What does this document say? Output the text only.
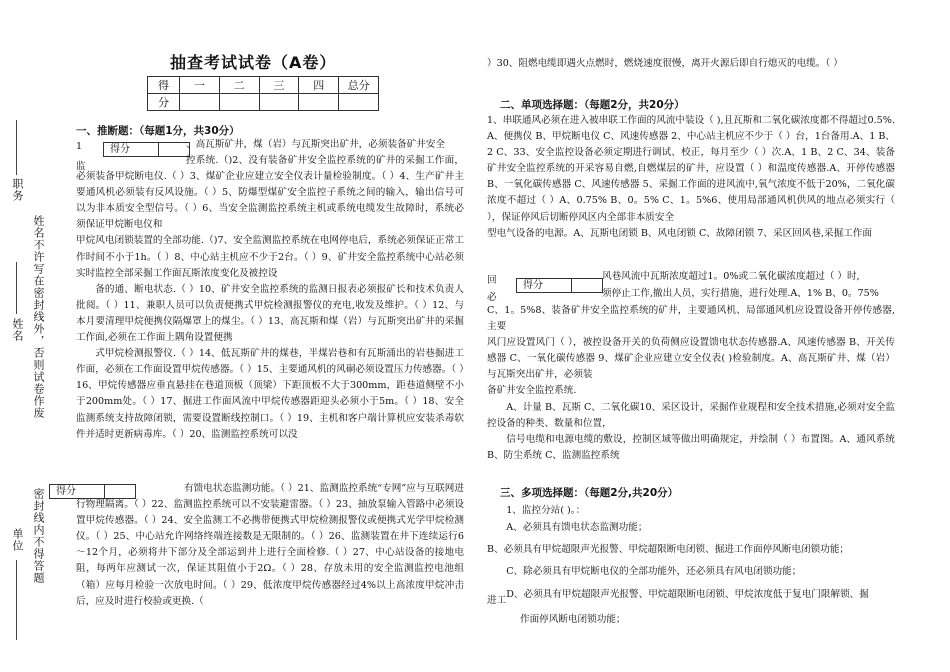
职务
姓名 姓名不许写在密封线外，否则试卷作废
单位 密封线内不得答题
抽查考试试卷（A卷）
得	一	二	三	四	总分
分					
一、推断题：（每题1分，共30分）
1	得分	、高瓦斯矿井，煤（岩）与瓦斯突出矿井，必须装备矿井安全
监

控系统.（)2、没有装备矿井安全监控系统的矿井的采掘工作面，必须装备甲烷断电仪.（ ）3、煤矿企业应建立安全仪表计量检验制度。（ ）4、生产矿井主要通风机必须装有反风设施。（ ）5、防爆型煤矿安全监控子系统之间的输入，输出信号可以为非本质安全型信号。（ ）6、当安全监测监控系统主机或系统电缆发生故障时，系统必须保证甲烷断电仪和

甲烷风电闭锁装置的全部功能.（)7、安全监测监控系统在电网停电后，系统必须保证正常工作时间不小于1h。（ ）8、中心站主机应不少于2台。（ ）9、矿井安全监控系统中心站必须实时监控全部采掘工作面瓦斯浓度变化及被控设

备的通、断电状态.（ ）10、矿井安全监控系统的监测日报表必须报矿长和技术负责人批阅。（ ）11、兼职人员可以负责便携式甲烷检测报警仪的充电,收发及维护。（ ）12、与本月要清理甲烷便携仪隔爆罩上的煤尘。（ ）13、高瓦斯和煤（岩）与瓦斯突出矿井的采掘工作面,必须在工作面上隅角设置便携

式甲烷检测报警仪.（ ）14、低瓦斯矿井的煤巷，半煤岩巷和有瓦斯涌出的岩巷掘进工作面，必须在工作面设置甲烷传感器。（ ）15、主要通风机的风硐必须设置压力传感器。（ ）16、甲烷传感器应垂直悬挂在巷道顶板（顶梁）下距顶板不大于300mm，距巷道侧壁不小于200mm处。（ ）17、掘进工作面风流中甲烷传感器距迎头必须小于5m。（ ）18、安全监测系统支持故障闭锁，需要设置断线控制口。（ ）19、主机和客户端计算机应安装杀毒软件并适时更新病毒库。（ ）20、监测监控系统可以没

得分	有馈电状态监测功能。（ ）21、监测监控系统“专网”应与互联网进行物理隔离。（ ）22、监测监控系统可以不安装避雷器。（ ）23、抽放泵输入管路中必须设置甲烷传感器。（ ）24、安全监测工不必携带便携式甲烷检测报警仪或便携式光学甲烷检测仪。（ ）25、中心站允许网络终端连接数是无限制的。（ ）26、监测装置在井下连续运行6～12个月，必须将井下部分及全部运到井上进行全面检修.（ ）27、中心站设备的接地电阻，每两年应测试一次，保证其阻值小于2Ω。（ ）28、存放未用的安全监测监控电池组（箱）应每月检验一次放电时间。（ ）29、低浓度甲烷传感器经过4%以上高浓度甲烷冲击后，应及时进行校验或更换.（

）30、阻燃电缆即遇火点燃时，燃烧速度很慢，离开火源后即自行熄灭的电缆。（ ）

二、单项选择题：（每题2分，共20分）

1、串联通风必须在进入被串联工作面的风流中装设（ ),且瓦斯和二氧化碳浓度都不得超过0.5%.

A、便携仪 B、甲烷断电仪 C、风速传感器 2、中心站主机应不少于（ ）台，1台备用.A、1 B、2 C、33、安全监控设备必须定期进行调试、校正，每月至少（ ）次.A、1 B、2 C、34、装备矿井安全监控系统的开采容易自燃,自燃煤层的矿井，应设置（ ）和温度传感器.A、开停传感器 B、一氧化碳传感器 C、风速传感器 5、采掘工作面的进风流中,氧气浓度不低于20%，二氧化碳浓度不超过（ ）A、0.75% B、0。5% C、1。5%6、使用局部通风机供风的地点必须实行（ ），保证停风后切断停风区内全部非本质安全

型电气设备的电源。A、瓦斯电闭锁 B、风电闭锁 C、故障闭锁 7、采区回风巷,采掘工作面

回	风巷风流中瓦斯浓度超过1。0%或二氧化碳浓度超过（ ）时,
得分
必	须停止工作,撤出人员，实行措施，进行处理.A、1% B、0。75%

C、1。5%8、装备矿井安全监控系统的矿井，主要通风机、局部通风机应设置设备开停传感器,主要

风门应设置风门（ ），被控设备开关的负荷侧应设置馈电状态传感器.A、风速传感器 B、开关传感器 C、一氧化碳传感器 9、煤矿企业应建立安全仪表( )检验制度。A、高瓦斯矿井、煤（岩）与瓦斯突出矿井，必须装

备矿井安全监控系统.

A、计量 B、瓦斯 C、二氧化碳10、采区设计，采掘作业规程和安全技术措施,必须对安全监控设备的种类、数量和位置，

信号电缆和电源电缆的敷设，控制区域等做出明确规定，并绘制（ ）布置图。A、通风系统 B、防尘系统 C、监测监控系统

三、多项选择题：（每题2分,共20分）

1、监控分站( )。：

A、必须具有馈电状态监测功能；

B、必须具有甲烷超限声光报警、甲烷超限断电闭锁、掘进工作面停风断电闭锁功能；

C、除必须具有甲烷断电仪的全部功能外，还必须具有风电闭锁功能；

D、必须具有甲烷超限声光报警、甲烷超限断电闭锁、甲烷浓度低于复电门限解锁、掘

进工
作面停风断电闭锁功能；
